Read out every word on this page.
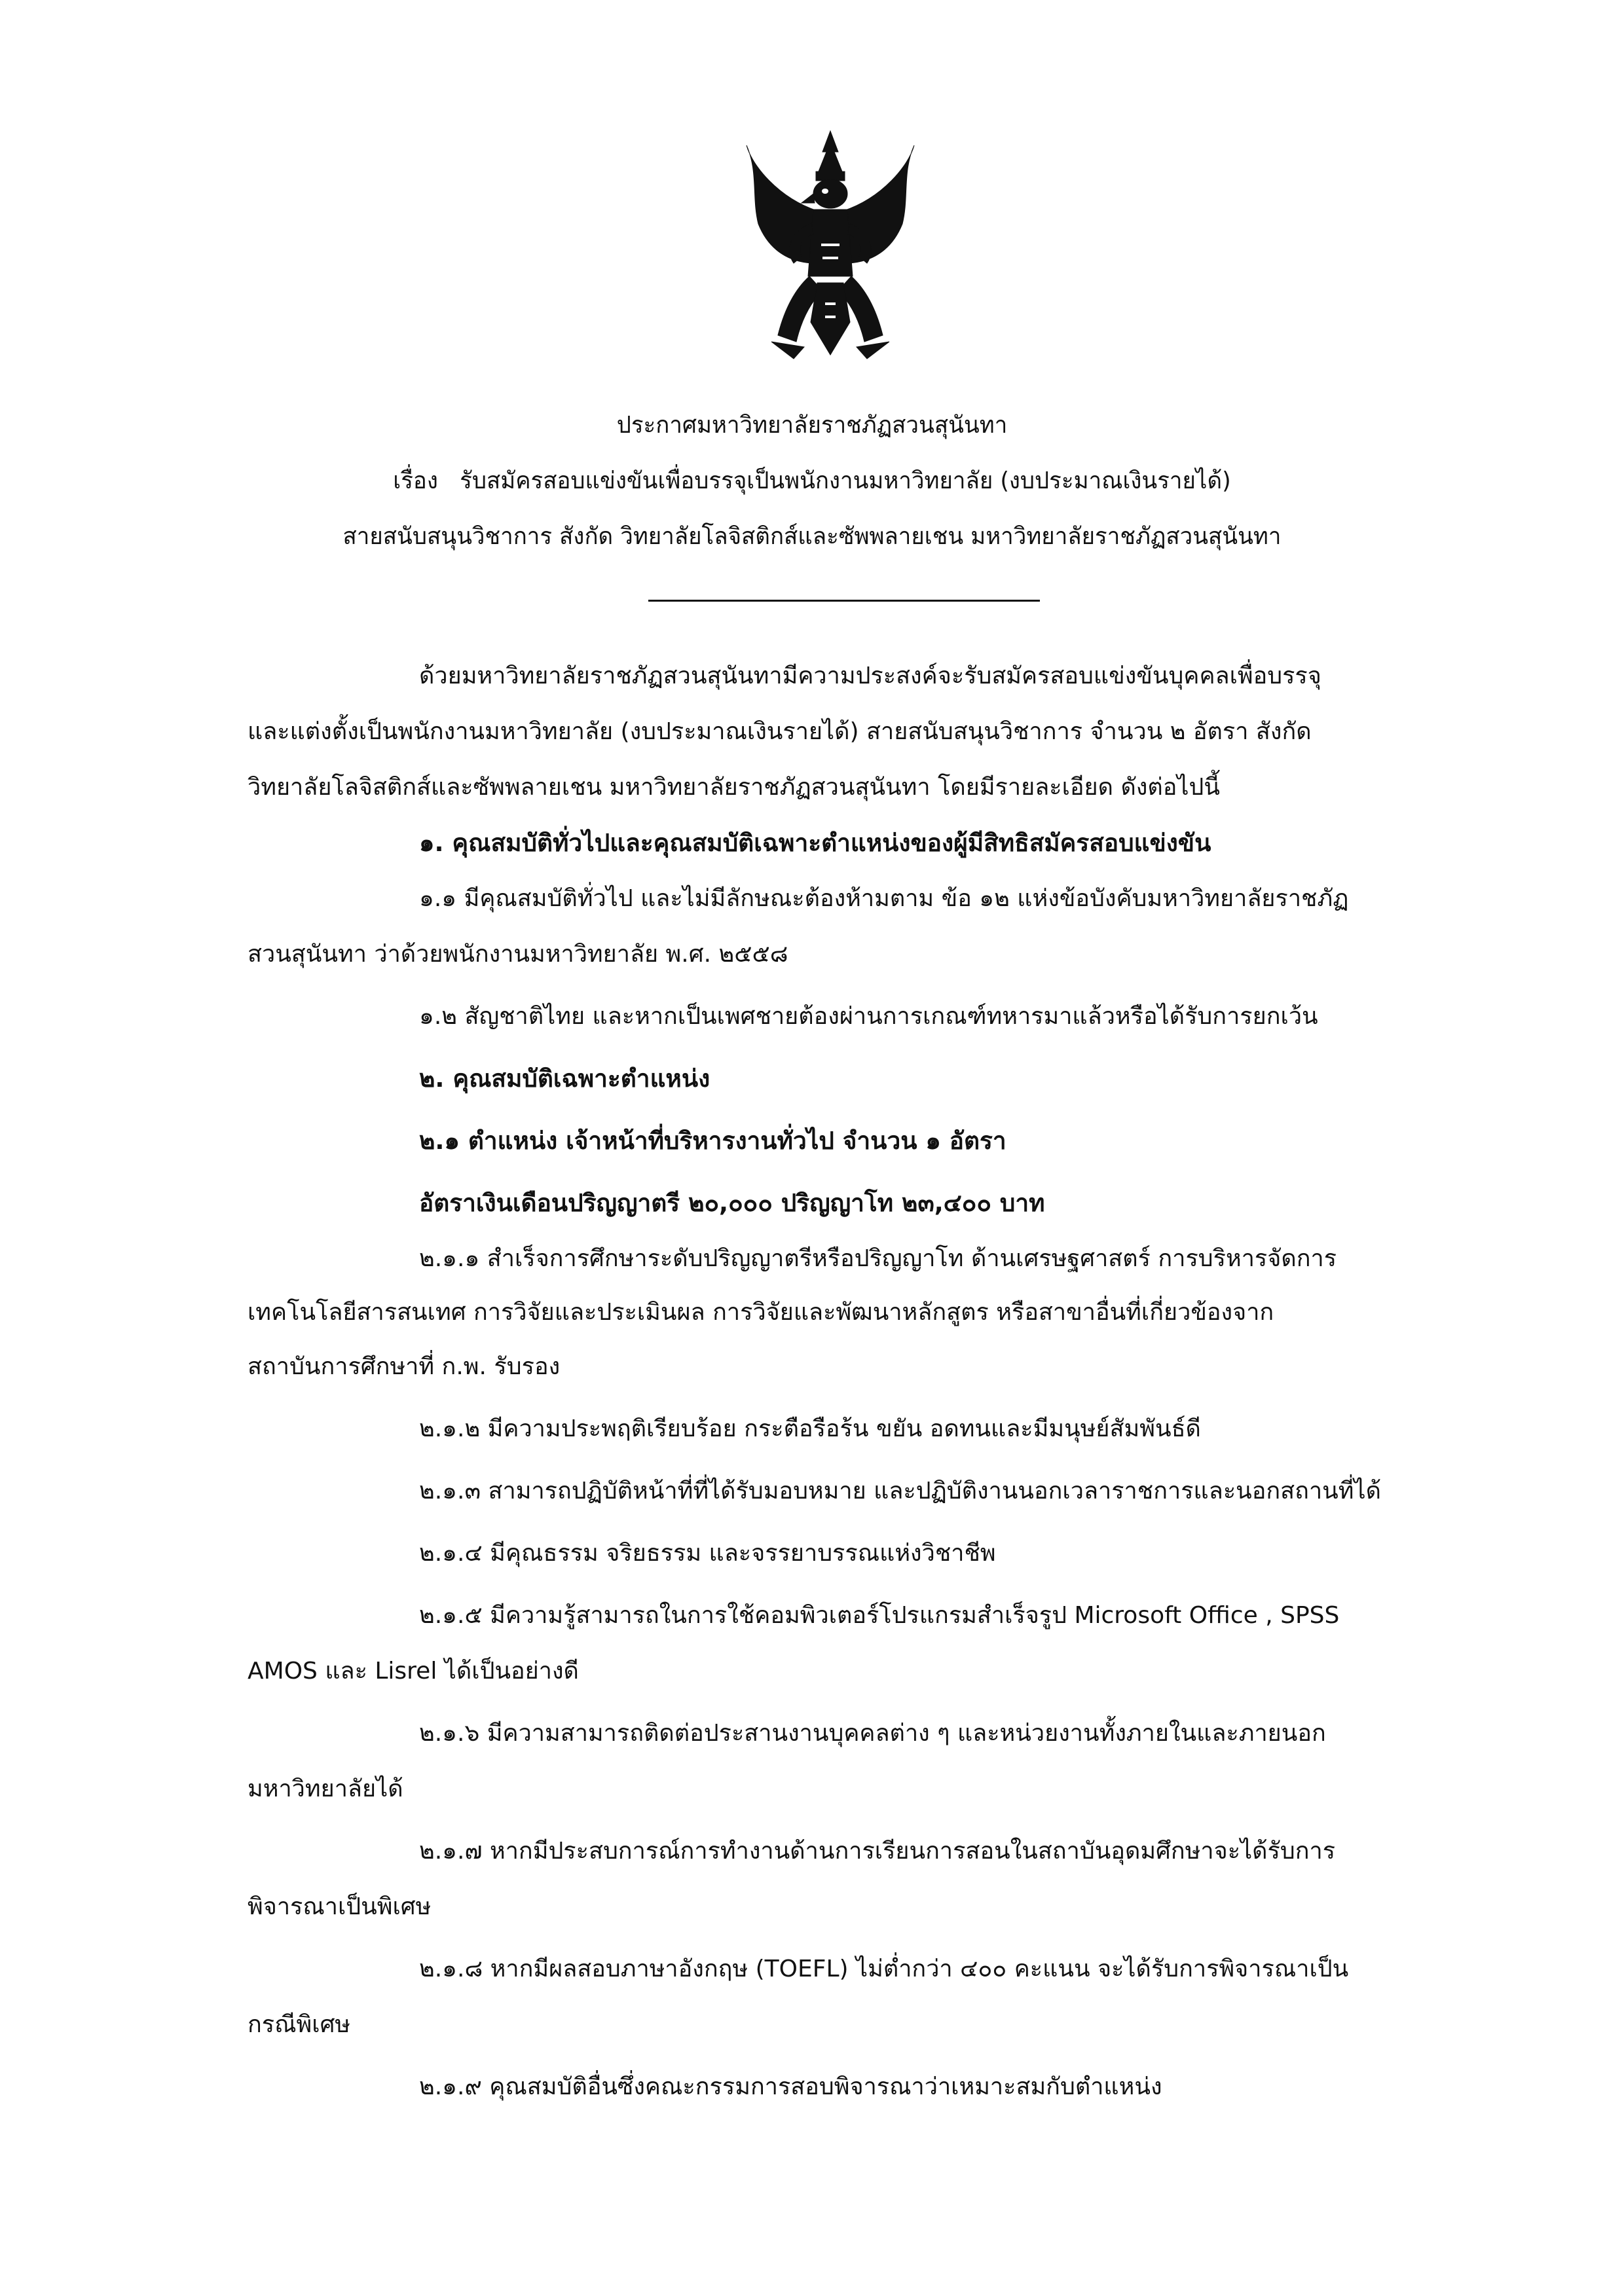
ประกาศมหาวิทยาลัยราชภัฏสวนสุนันทา
เรื่อง รับสมัครสอบแข่งขันเพื่อบรรจุเป็นพนักงานมหาวิทยาลัย (งบประมาณเงินรายได้)
สายสนับสนุนวิชาการ สังกัด วิทยาลัยโลจิสติกส์และซัพพลายเชน มหาวิทยาลัยราชภัฏสวนสุนันทา
ด้วยมหาวิทยาลัยราชภัฏสวนสุนันทามีความประสงค์จะรับสมัครสอบแข่งขันบุคคลเพื่อบรรจุ
และแต่งตั้งเป็นพนักงานมหาวิทยาลัย (งบประมาณเงินรายได้) สายสนับสนุนวิชาการ จำนวน ๒ อัตรา สังกัด
วิทยาลัยโลจิสติกส์และซัพพลายเชน มหาวิทยาลัยราชภัฏสวนสุนันทา โดยมีรายละเอียด ดังต่อไปนี้
๑. คุณสมบัติทั่วไปและคุณสมบัติเฉพาะตำแหน่งของผู้มีสิทธิสมัครสอบแข่งขัน
๑.๑ มีคุณสมบัติทั่วไป และไม่มีลักษณะต้องห้ามตาม ข้อ ๑๒ แห่งข้อบังคับมหาวิทยาลัยราชภัฏ
สวนสุนันทา ว่าด้วยพนักงานมหาวิทยาลัย พ.ศ. ๒๕๕๘
๑.๒ สัญชาติไทย และหากเป็นเพศชายต้องผ่านการเกณฑ์ทหารมาแล้วหรือได้รับการยกเว้น
๒. คุณสมบัติเฉพาะตำแหน่ง
๒.๑ ตำแหน่ง เจ้าหน้าที่บริหารงานทั่วไป จำนวน ๑ อัตรา
อัตราเงินเดือนปริญญาตรี ๒๐,๐๐๐ ปริญญาโท ๒๓,๔๐๐ บาท
๒.๑.๑ สำเร็จการศึกษาระดับปริญญาตรีหรือปริญญาโท ด้านเศรษฐศาสตร์ การบริหารจัดการ
เทคโนโลยีสารสนเทศ การวิจัยและประเมินผล การวิจัยและพัฒนาหลักสูตร หรือสาขาอื่นที่เกี่ยวข้องจาก
สถาบันการศึกษาที่ ก.พ. รับรอง
๒.๑.๒ มีความประพฤติเรียบร้อย กระตือรือร้น ขยัน อดทนและมีมนุษย์สัมพันธ์ดี
๒.๑.๓ สามารถปฏิบัติหน้าที่ที่ได้รับมอบหมาย และปฏิบัติงานนอกเวลาราชการและนอกสถานที่ได้
๒.๑.๔ มีคุณธรรม จริยธรรม และจรรยาบรรณแห่งวิชาชีพ
๒.๑.๕ มีความรู้สามารถในการใช้คอมพิวเตอร์โปรแกรมสำเร็จรูป Microsoft Office , SPSS
AMOS และ Lisrel ได้เป็นอย่างดี
๒.๑.๖ มีความสามารถติดต่อประสานงานบุคคลต่าง ๆ และหน่วยงานทั้งภายในและภายนอก
มหาวิทยาลัยได้
๒.๑.๗ หากมีประสบการณ์การทำงานด้านการเรียนการสอนในสถาบันอุดมศึกษาจะได้รับการ
พิจารณาเป็นพิเศษ
๒.๑.๘ หากมีผลสอบภาษาอังกฤษ (TOEFL) ไม่ต่ำกว่า ๔๐๐ คะแนน จะได้รับการพิจารณาเป็น
กรณีพิเศษ
๒.๑.๙ คุณสมบัติอื่นซึ่งคณะกรรมการสอบพิจารณาว่าเหมาะสมกับตำแหน่ง
